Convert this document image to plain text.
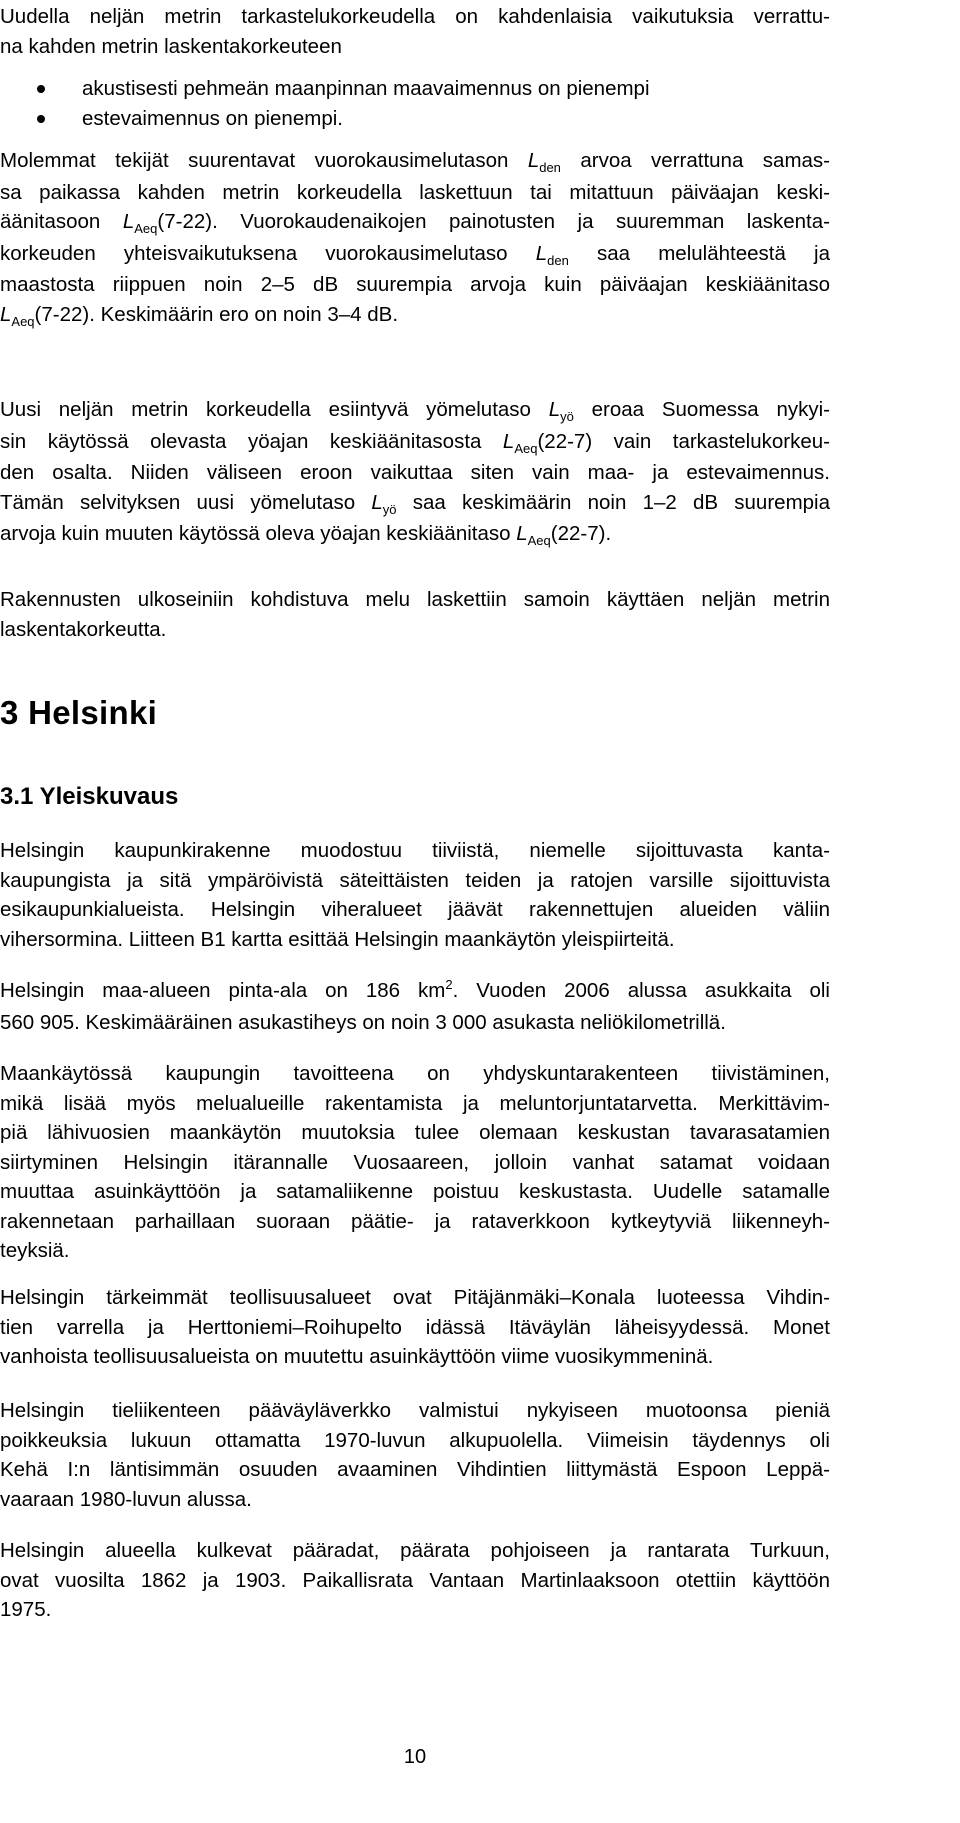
Uudella neljän metrin tarkastelukorkeudella on kahdenlaisia vaikutuksia verrattu-
na kahden metrin laskentakorkeuteen
akustisesti pehmeän maanpinnan maavaimennus on pienempi
estevaimennus on pienempi.
Molemmat tekijät suurentavat vuorokausimelutason $L_{den}$ arvoa verrattuna samas-
sa paikassa kahden metrin korkeudella laskettuun tai mitattuun päiväajan keski-
äänitasoon $L_{Aeq}(7-22)$. Vuorokaudenaikojen painotusten ja suuremman laskenta-
korkeuden yhteisvaikutuksena vuorokausimelutaso $L_{den}$ saa melulähteestä ja
maastosta riippuen noin 2–5 dB suurempia arvoja kuin päiväajan keskiäänitaso
$L_{Aeq}(7-22)$. Keskimäärin ero on noin 3–4 dB.
Uusi neljän metrin korkeudella esiintyvä yömelutaso $L_{yö}$ eroaa Suomessa nykyi-
sin käytössä olevasta yöajan keskiäänitasosta $L_{Aeq}(22-7)$ vain tarkastelukorkeu-
den osalta. Niiden väliseen eroon vaikuttaa siten vain maa- ja estevaimennus.
Tämän selvityksen uusi yömelutaso $L_{yö}$ saa keskimäärin noin 1–2 dB suurempia
arvoja kuin muuten käytössä oleva yöajan keskiäänitaso $L_{Aeq}(22-7)$.
Rakennusten ulkoseiniin kohdistuva melu laskettiin samoin käyttäen neljän metrin
laskentakorkeutta.
3 Helsinki
3.1 Yleiskuvaus
Helsingin kaupunkirakenne muodostuu tiiviistä, niemelle sijoittuvasta kanta-
kaupungista ja sitä ympäröivistä säteittäisten teiden ja ratojen varsille sijoittuvista
esikaupunkialueista. Helsingin viheralueet jäävät rakennettujen alueiden väliin
vihersormina. Liitteen B1 kartta esittää Helsingin maankäytön yleispiirteitä.
Helsingin maa-alueen pinta-ala on 186 $km^2$. Vuoden 2006 alussa asukkaita oli
560 905. Keskimääräinen asukastiheys on noin 3 000 asukasta neliökilometrillä.
Maankäytössä kaupungin tavoitteena on yhdyskuntarakenteen tiivistäminen,
mikä lisää myös melualueille rakentamista ja meluntorjuntatarvetta. Merkittävim-
piä lähivuosien maankäytön muutoksia tulee olemaan keskustan tavarasatamien
siirtyminen Helsingin itärannalle Vuosaareen, jolloin vanhat satamat voidaan
muuttaa asuinkäyttöön ja satamaliikenne poistuu keskustasta. Uudelle satamalle
rakennetaan parhaillaan suoraan päätie- ja rataverkkoon kytkeytyviä liikenneyh-
teyksiä.
Helsingin tärkeimmät teollisuusalueet ovat Pitäjänmäki–Konala luoteessa Vihdin-
tien varrella ja Herttoniemi–Roihupelto idässä Itäväylän läheisyydessä. Monet
vanhoista teollisuusalueista on muutettu asuinkäyttöön viime vuosikymmeninä.
Helsingin tieliikenteen pääväyläverkko valmistui nykyiseen muotoonsa pieniä
poikkeuksia lukuun ottamatta 1970-luvun alkupuolella. Viimeisin täydennys oli
Kehä I:n läntisimmän osuuden avaaminen Vihdintien liittymästä Espoon Leppä-
vaaraan 1980-luvun alussa.
Helsingin alueella kulkevat pääradat, päärata pohjoiseen ja rantarata Turkuun,
ovat vuosilta 1862 ja 1903. Paikallisrata Vantaan Martinlaaksoon otettiin käyttöön
1975.
10
